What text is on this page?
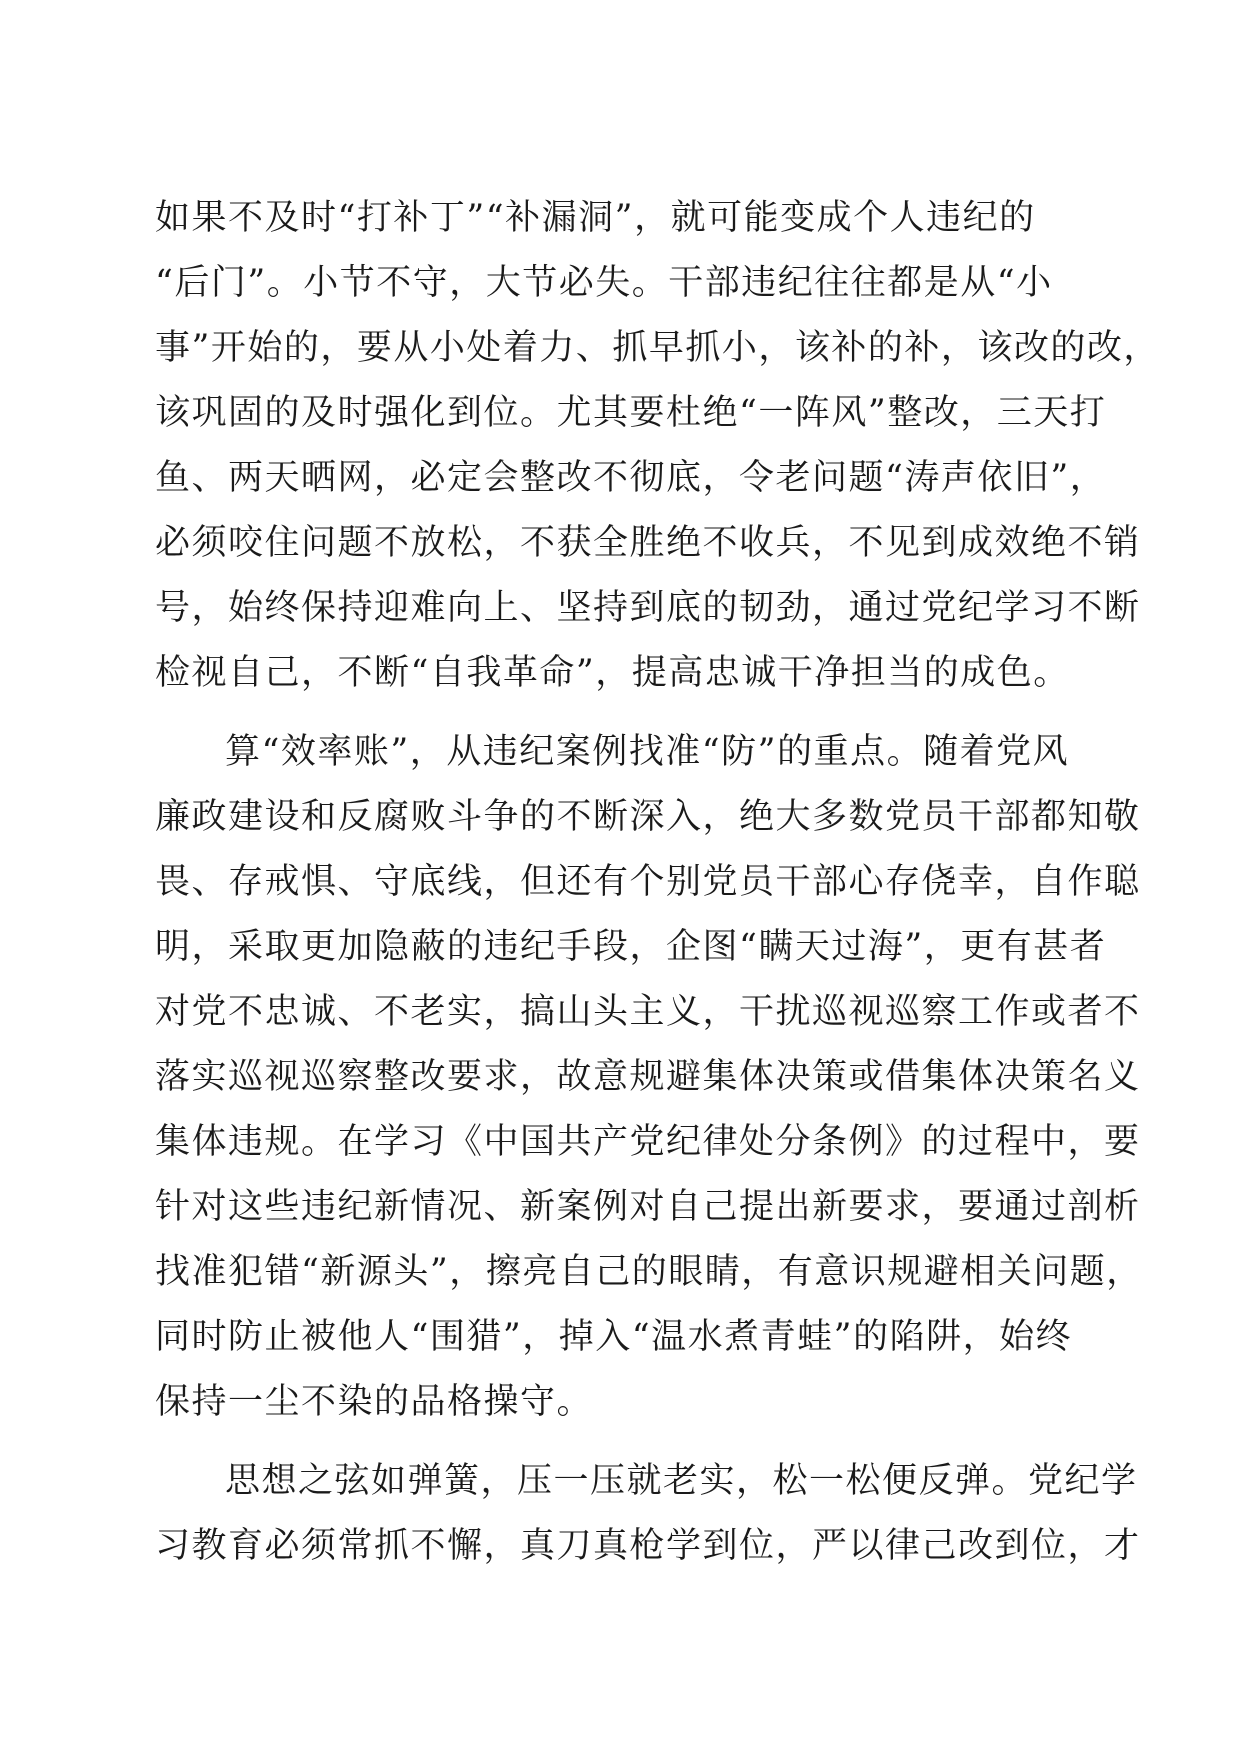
如果不及时“打补丁”“补漏洞”，就可能变成个人违纪的
“后门”。小节不守，大节必失。干部违纪往往都是从“小
事”开始的，要从小处着力、抓早抓小，该补的补，该改的改，
该巩固的及时强化到位。尤其要杜绝“一阵风”整改，三天打
鱼、两天晒网，必定会整改不彻底，令老问题“涛声依旧”，
必须咬住问题不放松，不获全胜绝不收兵，不见到成效绝不销
号，始终保持迎难向上、坚持到底的韧劲，通过党纪学习不断
检视自己，不断“自我革命”，提高忠诚干净担当的成色。
算“效率账”，从违纪案例找准“防”的重点。随着党风
廉政建设和反腐败斗争的不断深入，绝大多数党员干部都知敬
畏、存戒惧、守底线，但还有个别党员干部心存侥幸，自作聪
明，采取更加隐蔽的违纪手段，企图“瞒天过海”，更有甚者
对党不忠诚、不老实，搞山头主义，干扰巡视巡察工作或者不
落实巡视巡察整改要求，故意规避集体决策或借集体决策名义
集体违规。在学习《中国共产党纪律处分条例》的过程中，要
针对这些违纪新情况、新案例对自己提出新要求，要通过剖析
找准犯错“新源头”，擦亮自己的眼睛，有意识规避相关问题，
同时防止被他人“围猎”，掉入“温水煮青蛙”的陷阱，始终
保持一尘不染的品格操守。
思想之弦如弹簧，压一压就老实，松一松便反弹。党纪学
习教育必须常抓不懈，真刀真枪学到位，严以律己改到位，才
